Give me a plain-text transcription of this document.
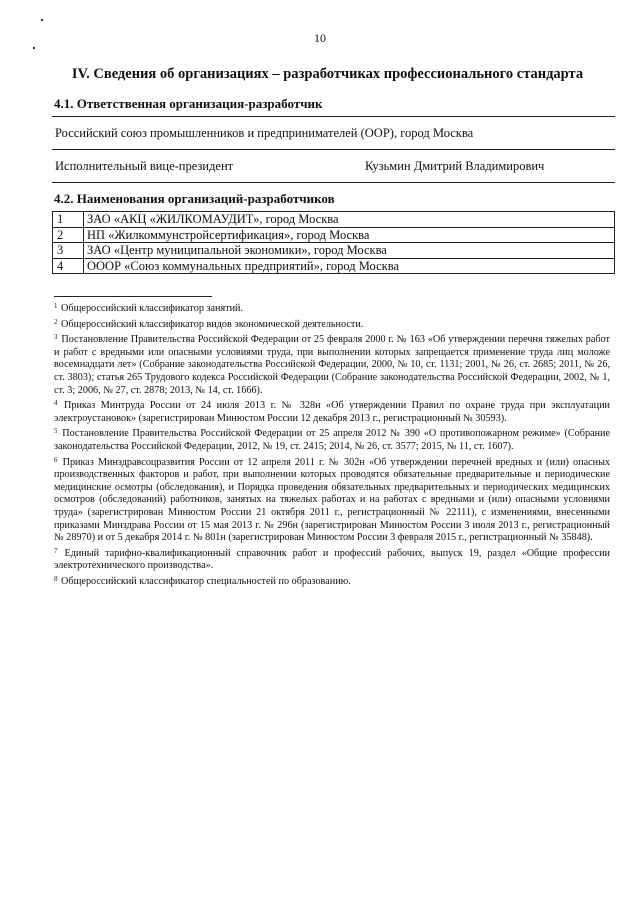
10
IV. Сведения об организациях – разработчиках профессионального стандарта
4.1. Ответственная организация-разработчик
Российский союз промышленников и предпринимателей (ООР), город Москва
Исполнительный вице-президент	Кузьмин Дмитрий Владимирович
4.2. Наименования организаций-разработчиков
1	ЗАО «АКЦ «ЖИЛКОМАУДИТ», город Москва
2	НП «Жилкоммунстройсертификация», город Москва
3	ЗАО «Центр муниципальной экономики», город Москва
4	ОООР «Союз коммунальных предприятий», город Москва

$^1$ Общероссийский классификатор занятий.

$^2$ Общероссийский классификатор видов экономической деятельности.

$^3$ Постановление Правительства Российской Федерации от 25 февраля 2000 г. № 163 «Об утверждении перечня тяжелых работ и работ с вредными или опасными условиями труда, при выполнении которых запрещается применение труда лиц моложе восемнадцати лет» (Собрание законодательства Российской Федерации, 2000, № 10, ст. 1131; 2001, № 26, ст. 2685; 2011, № 26, ст. 3803); статья 265 Трудового кодекса Российской Федерации (Собрание законодательства Российской Федерации, 2002, № 1, ст. 3; 2006, № 27, ст. 2878; 2013, № 14, ст. 1666).

$^4$ Приказ Минтруда России от 24 июля 2013 г. № 328н «Об утверждении Правил по охране труда при эксплуатации электроустановок» (зарегистрирован Минюстом России 12 декабря 2013 г., регистрационный № 30593).

$^5$ Постановление Правительства Российской Федерации от 25 апреля 2012 № 390 «О противопожарном режиме» (Собрание законодательства Российской Федерации, 2012, № 19, ст. 2415; 2014, № 26, ст. 3577; 2015, № 11, ст. 1607).

$^6$ Приказ Минздравсоцразвития России от 12 апреля 2011 г. № 302н «Об утверждении перечней вредных и (или) опасных производственных факторов и работ, при выполнении которых проводятся обязательные предварительные и периодические медицинские осмотры (обследования), и Порядка проведения обязательных предварительных и периодических медицинских осмотров (обследований) работников, занятых на тяжелых работах и на работах с вредными и (или) опасными условиями труда» (зарегистрирован Минюстом России 21 октября 2011 г., регистрационный № 22111), с изменениями, внесенными приказами Минздрава России от 15 мая 2013 г. № 296н (зарегистрирован Минюстом России 3 июля 2013 г., регистрационный № 28970) и от 5 декабря 2014 г. № 801н (зарегистрирован Минюстом России 3 февраля 2015 г., регистрационный № 35848).

$^7$ Единый тарифно-квалификационный справочник работ и профессий рабочих, выпуск 19, раздел «Общие профессии электротехнического производства».

$^8$ Общероссийский классификатор специальностей по образованию.
